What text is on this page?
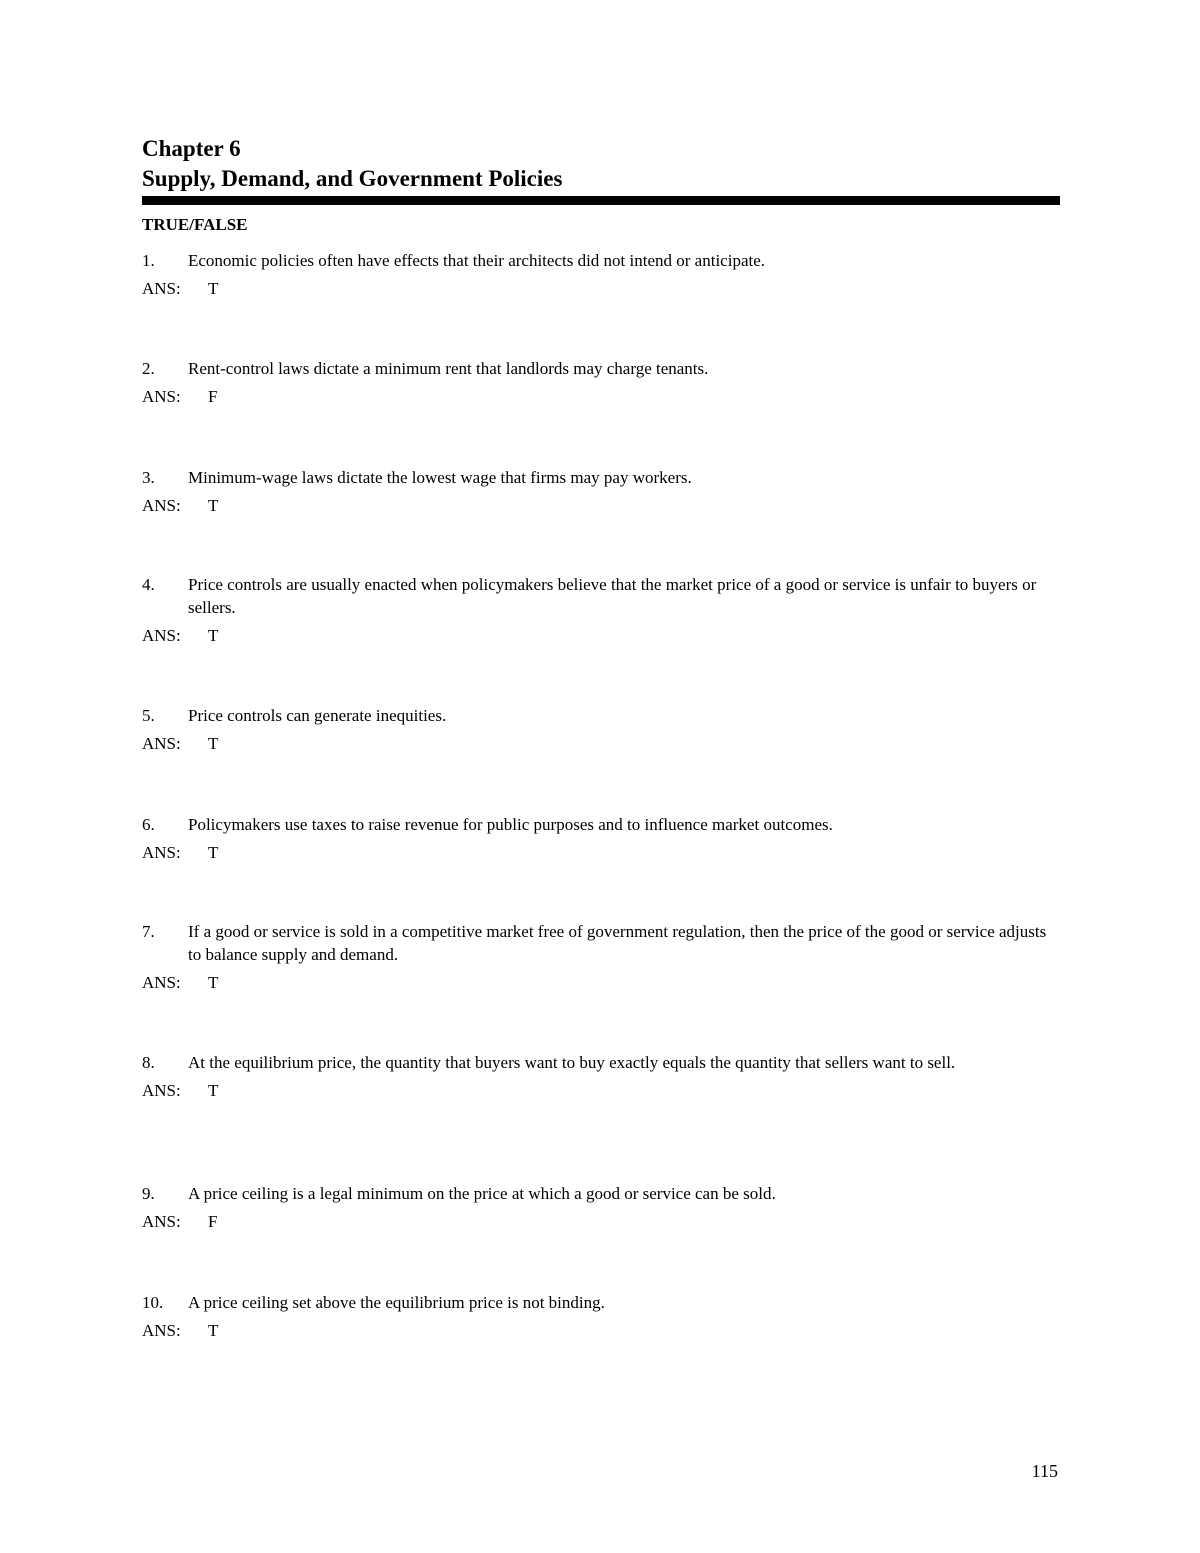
Chapter 6
Supply, Demand, and Government Policies
TRUE/FALSE
1.	Economic policies often have effects that their architects did not intend or anticipate.
ANS:	T
2.	Rent-control laws dictate a minimum rent that landlords may charge tenants.
ANS:	F
3.	Minimum-wage laws dictate the lowest wage that firms may pay workers.
ANS:	T
4.	Price controls are usually enacted when policymakers believe that the market price of a good or service is unfair to buyers or sellers.
ANS:	T
5.	Price controls can generate inequities.
ANS:	T
6.	Policymakers use taxes to raise revenue for public purposes and to influence market outcomes.
ANS:	T
7.	If a good or service is sold in a competitive market free of government regulation, then the price of the good or service adjusts to balance supply and demand.
ANS:	T
8.	At the equilibrium price, the quantity that buyers want to buy exactly equals the quantity that sellers want to sell.
ANS:	T
9.	A price ceiling is a legal minimum on the price at which a good or service can be sold.
ANS:	F
10.	A price ceiling set above the equilibrium price is not binding.
ANS:	T
115
